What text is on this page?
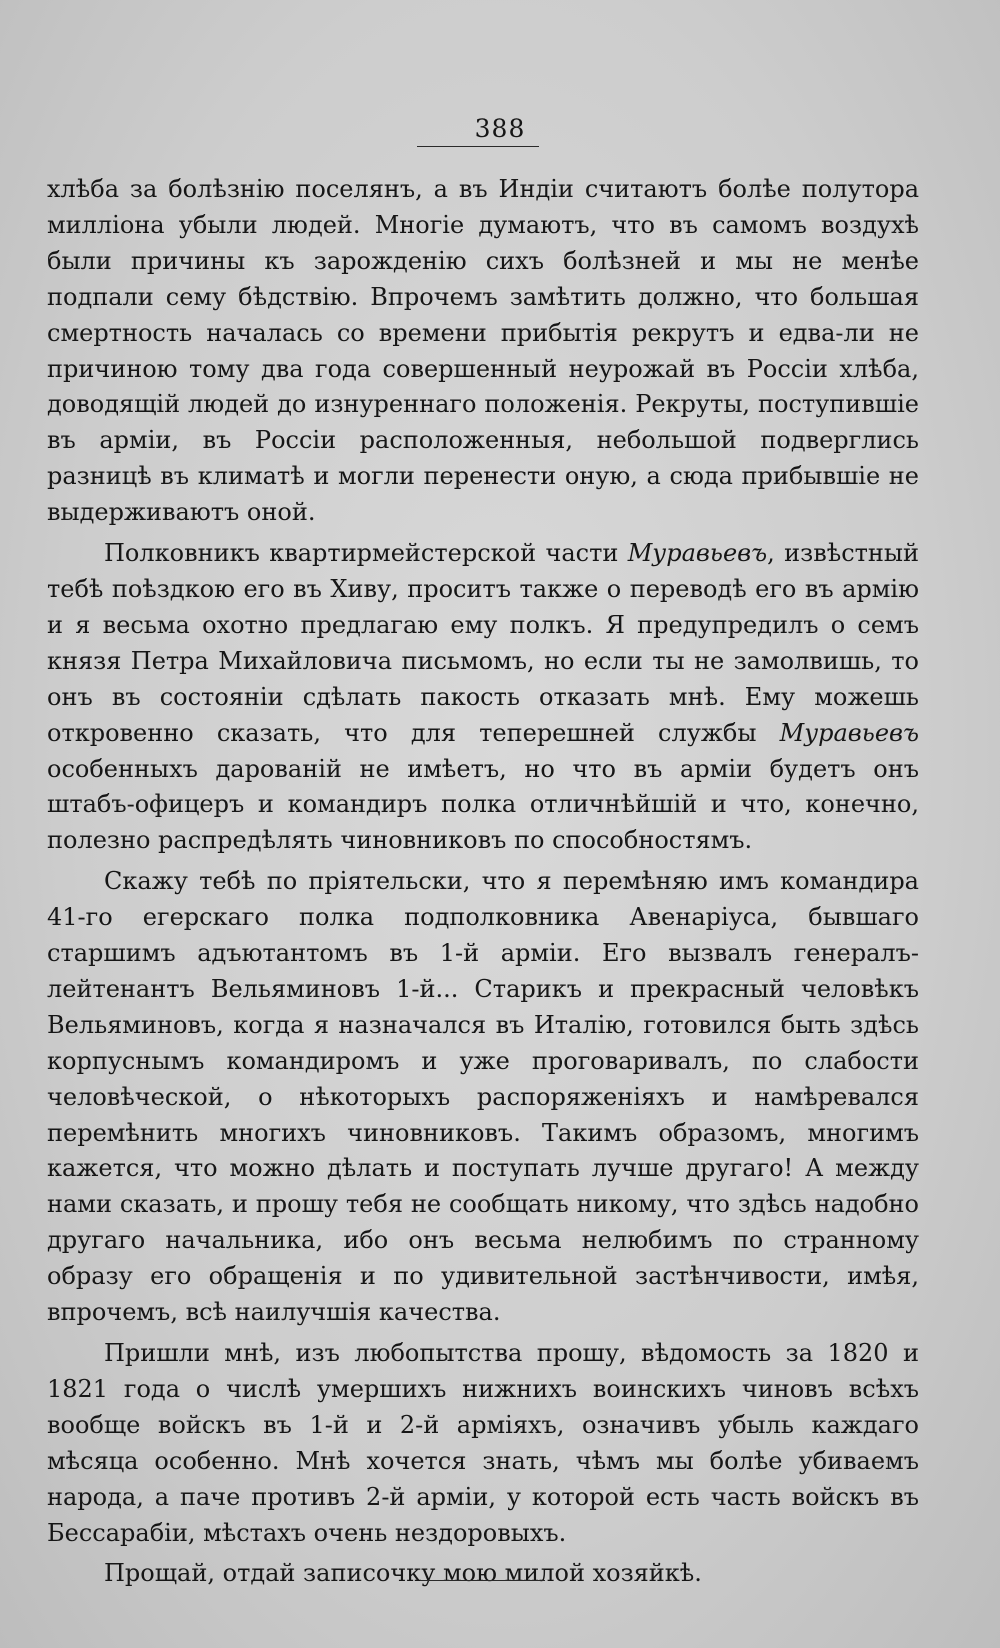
388

хлѣба за болѣзнію поселянъ, а въ Индіи считаютъ болѣе полутора милліона убыли людей. Многіе думаютъ, что въ самомъ воздухѣ были причины къ зарожденію сихъ болѣзней и мы не менѣе подпали сему бѣдствію. Впрочемъ замѣтить должно, что большая смертность началась со времени прибытія рекрутъ и едва-ли не причиною тому два года совершенный неурожай въ Россіи хлѣба, доводящій людей до изнуреннаго положенія. Рекруты, поступившіе въ арміи, въ Россіи расположенныя, небольшой подверглись разницѣ въ климатѣ и могли перенести оную, а сюда прибывшіе не выдерживаютъ оной.

Полковникъ квартирмейстерской части Муравьевъ, извѣстный тебѣ поѣздкою его въ Хиву, проситъ также о переводѣ его въ армію и я весьма охотно предлагаю ему полкъ. Я предупредилъ о семъ князя Петра Михайловича письмомъ, но если ты не замолвишь, то онъ въ состояніи сдѣлать пакость отказать мнѣ. Ему можешь откровенно сказать, что для теперешней службы Муравьевъ особенныхъ дарованій не имѣетъ, но что въ арміи будетъ онъ штабъ-офицеръ и командиръ полка отличнѣйшій и что, конечно, полезно распредѣлять чиновниковъ по способностямъ.

Скажу тебѣ по пріятельски, что я перемѣняю имъ командира 41-го егерскаго полка подполковника Авенаріуса, бывшаго старшимъ адъютантомъ въ 1-й арміи. Его вызвалъ генералъ-лейтенантъ Вельяминовъ 1-й... Старикъ и прекрасный человѣкъ Вельяминовъ, когда я назначался въ Италію, готовился быть здѣсь корпуснымъ командиромъ и уже проговаривалъ, по слабости человѣческой, о нѣкоторыхъ распоряженіяхъ и намѣревался перемѣнить многихъ чиновниковъ. Такимъ образомъ, многимъ кажется, что можно дѣлать и поступать лучше другаго! А между нами сказать, и прошу тебя не сообщать никому, что здѣсь надобно другаго начальника, ибо онъ весьма нелюбимъ по странному образу его обращенія и по удивительной застѣнчивости, имѣя, впрочемъ, всѣ наилучшія качества.

Пришли мнѣ, изъ любопытства прошу, вѣдомость за 1820 и 1821 года о числѣ умершихъ нижнихъ воинскихъ чиновъ всѣхъ вообще войскъ въ 1-й и 2-й арміяхъ, означивъ убыль каждаго мѣсяца особенно. Мнѣ хочется знать, чѣмъ мы болѣе убиваемъ народа, а паче противъ 2-й арміи, у которой есть часть войскъ въ Бессарабіи, мѣстахъ очень нездоровыхъ.

Прощай, отдай записочку мою милой хозяйкѣ.
